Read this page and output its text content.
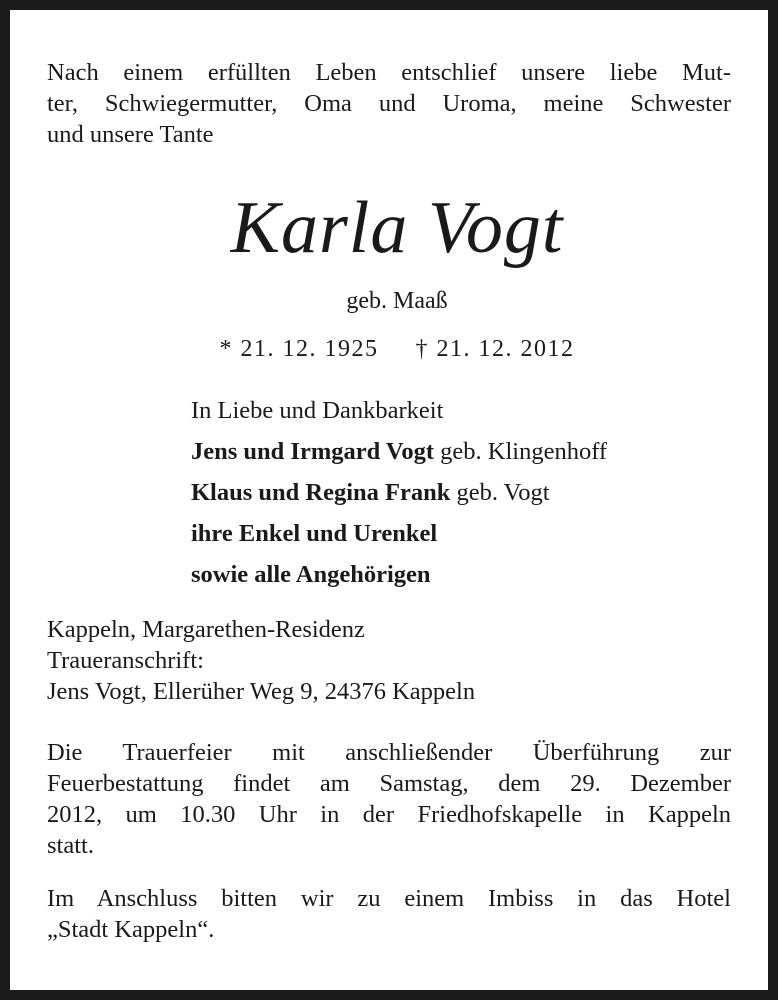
Nach einem erfüllten Leben entschlief unsere liebe Mut-
ter, Schwiegermutter, Oma und Uroma, meine Schwester
und unsere Tante

Karla Vogt
geb. Maaß
* 21. 12. 1925 † 21. 12. 2012
In Liebe und Dankbarkeit
Jens und Irmgard Vogt geb. Klingenhoff
Klaus und Regina Frank geb. Vogt
ihre Enkel und Urenkel
sowie alle Angehörigen

Kappeln, Margarethen-Residenz
Traueranschrift:
Jens Vogt, Ellerüher Weg 9, 24376 Kappeln

Die Trauerfeier mit anschließender Überführung zur
Feuerbestattung findet am Samstag, dem 29. Dezember
2012, um 10.30 Uhr in der Friedhofskapelle in Kappeln
statt.

Im Anschluss bitten wir zu einem Imbiss in das Hotel
„Stadt Kappeln“.
